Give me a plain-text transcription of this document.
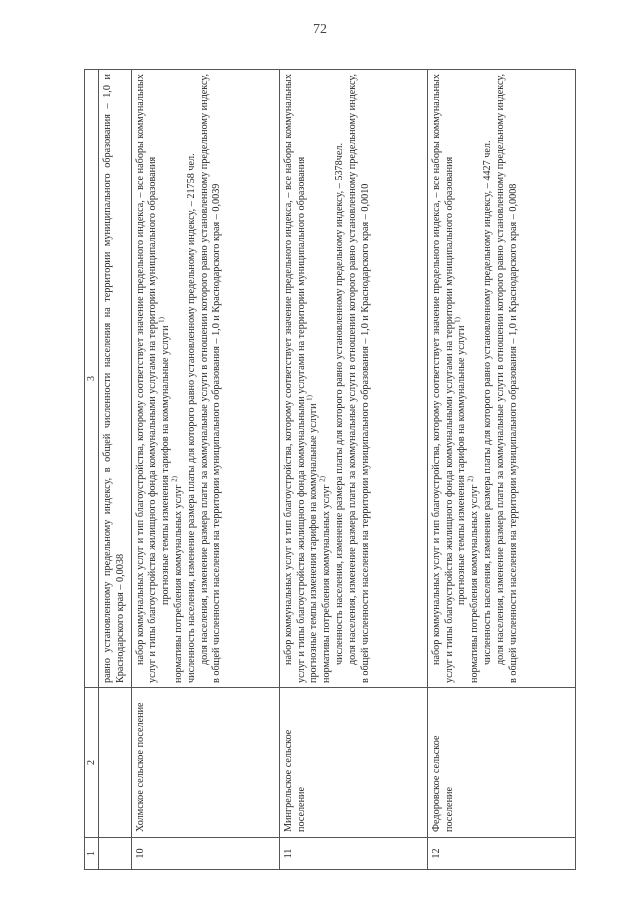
72
1	2	3

		равно установленному предельному индексу, в общей численности населения на территории муниципального образования – 1,0 и Краснодарского края – 0,0038

10	Холмское сельское поселение	набор коммунальных услуг и тип благоустройства, которому соответствует значение предельного индекса, – все наборы коммунальных услуг и типы благоустройства жилищного фонда коммунальными услугами на территории муниципального образования прогнозные темпы изменения тарифов на коммунальные услуги $^{1)}$
нормативы потребления коммунальных услуг $^{2)}$ численность населения, изменение размера платы для которого равно установленному предельному индексу, – 21758 чел. доля населения, изменение размера платы за коммунальные услуги в отношении которого равно установленному предельному индексу, в общей численности населения на территории муниципального образования – 1,0 и Краснодарского края – 0,0039

11	Мингрельское сельское поселение	набор коммунальных услуг и тип благоустройства, которому соответствует значение предельного индекса, – все наборы коммунальных услуг и типы благоустройства жилищного фонда коммунальными услугами на территории муниципального образования прогнозные темпы изменения тарифов на коммунальные услуги $^{1)}$
нормативы потребления коммунальных услуг $^{2)}$ численность населения, изменение размера платы для которого равно установленному предельному индексу, – 5378чел. доля населения, изменение размера платы за коммунальные услуги в отношении которого равно установленному предельному индексу, в общей численности населения на территории муниципального образования – 1,0 и Краснодарского края – 0,0010

12	Федоровское сельское поселение	набор коммунальных услуг и тип благоустройства, которому соответствует значение предельного индекса, – все наборы коммунальных услуг и типы благоустройства жилищного фонда коммунальными услугами на территории муниципального образования прогнозные темпы изменения тарифов на коммунальные услуги $^{1)}$
нормативы потребления коммунальных услуг $^{2)}$ численность населения, изменение размера платы для которого равно установленному предельному индексу, – 4427 чел. доля населения, изменение размера платы за коммунальные услуги в отношении которого равно установленному предельному индексу, в общей численности населения на территории муниципального образования – 1,0 и Краснодарского края – 0,0008
